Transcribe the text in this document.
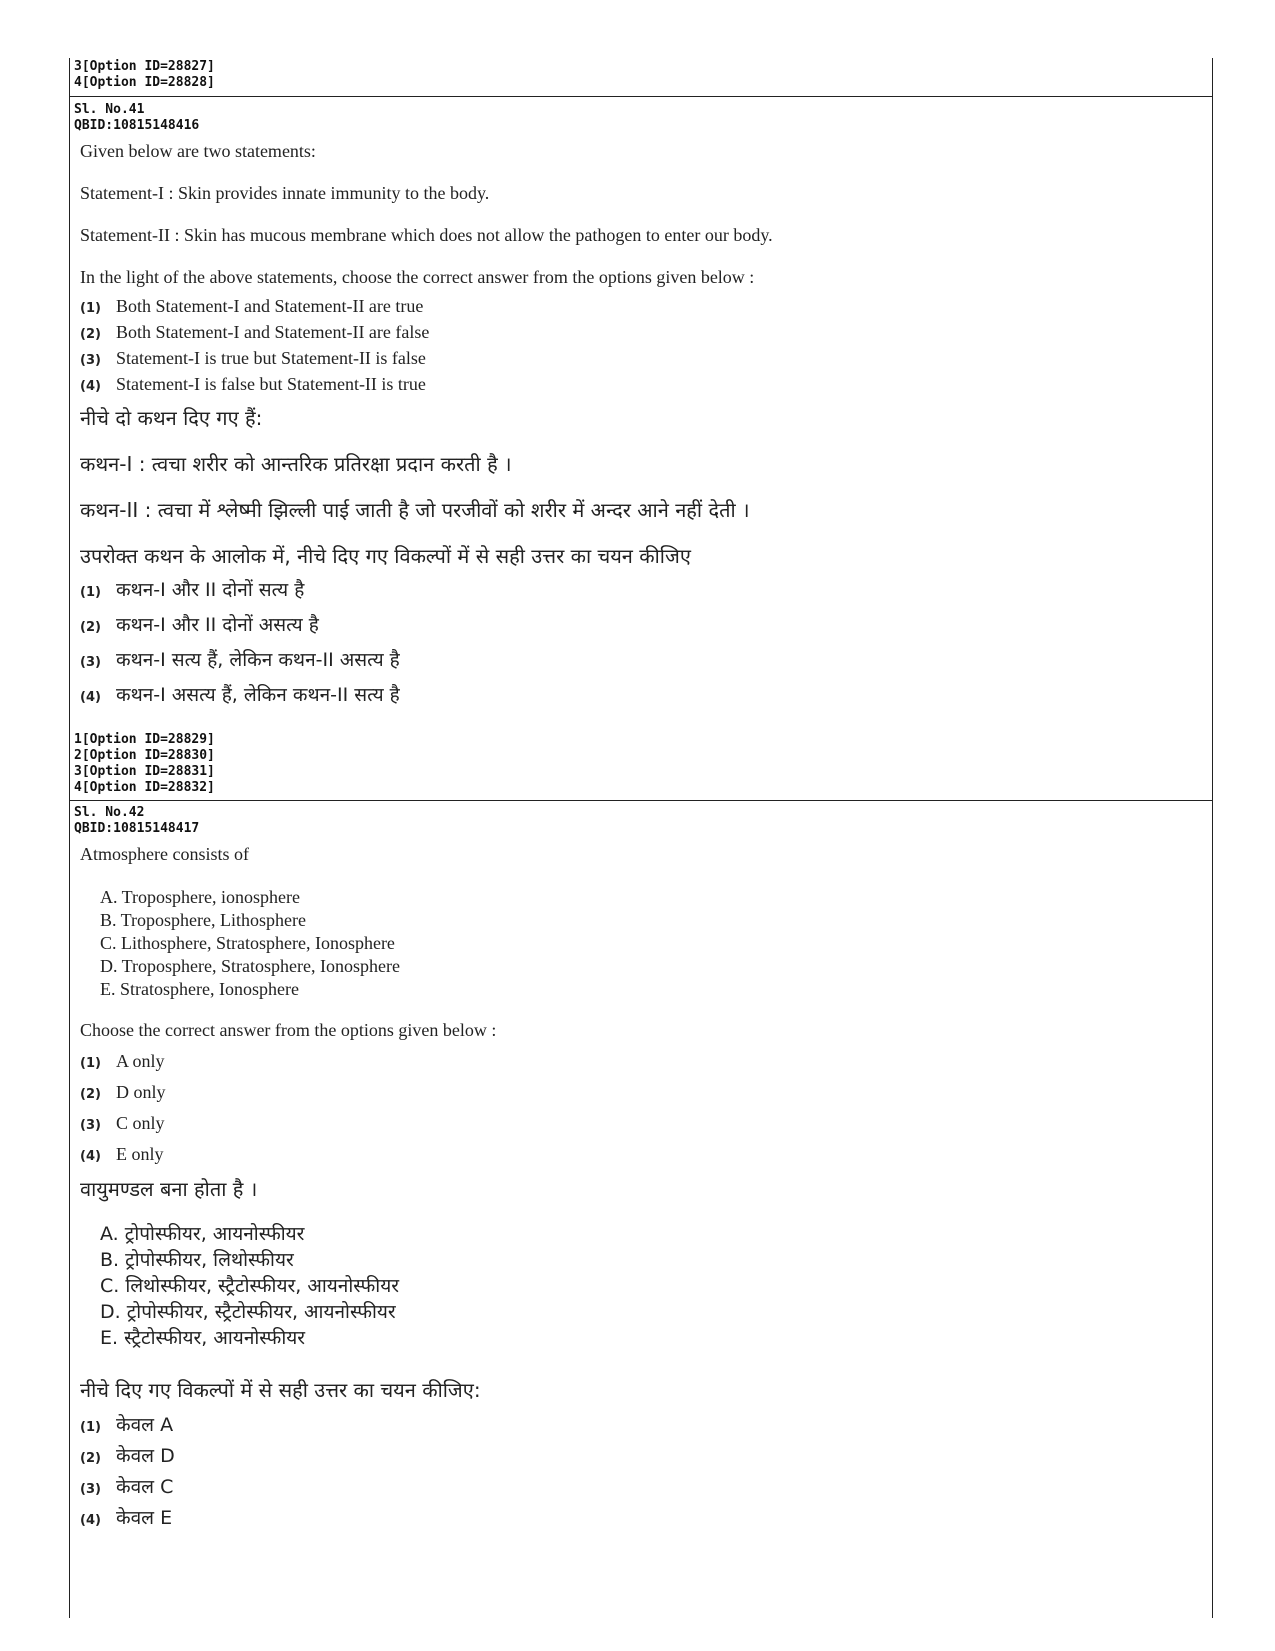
3[Option ID=28827]
4[Option ID=28828]
Sl. No.41
QBID:10815148416
Given below are two statements:
Statement-I : Skin provides innate immunity to the body.
Statement-II : Skin has mucous membrane which does not allow the pathogen to enter our body.
In the light of the above statements, choose the correct answer from the options given below :
(1) Both Statement-I and Statement-II are true
(2) Both Statement-I and Statement-II are false
(3) Statement-I is true but Statement-II is false
(4) Statement-I is false but Statement-II is true
नीचे दो कथन दिए गए हैं:
कथन-I : त्वचा शरीर को आन्तरिक प्रतिरक्षा प्रदान करती है ।
कथन-II : त्वचा में श्लेष्मी झिल्ली पाई जाती है जो परजीवों को शरीर में अन्दर आने नहीं देती ।
उपरोक्त कथन के आलोक में, नीचे दिए गए विकल्पों में से सही उत्तर का चयन कीजिए
(1) कथन-I और II दोनों सत्य है
(2) कथन-I और II दोनों असत्य है
(3) कथन-I सत्य हैं, लेकिन कथन-II असत्य है
(4) कथन-I असत्य हैं, लेकिन कथन-II सत्य है
1[Option ID=28829]
2[Option ID=28830]
3[Option ID=28831]
4[Option ID=28832]
Sl. No.42
QBID:10815148417
Atmosphere consists of
A. Troposphere, ionosphere
B. Troposphere, Lithosphere
C. Lithosphere, Stratosphere, Ionosphere
D. Troposphere, Stratosphere, Ionosphere
E. Stratosphere, Ionosphere
Choose the correct answer from the options given below :
(1) A only
(2) D only
(3) C only
(4) E only
वायुमण्डल बना होता है ।
A. ट्रोपोस्फीयर, आयनोस्फीयर
B. ट्रोपोस्फीयर, लिथोस्फीयर
C. लिथोस्फीयर, स्ट्रैटोस्फीयर, आयनोस्फीयर
D. ट्रोपोस्फीयर, स्ट्रैटोस्फीयर, आयनोस्फीयर
E. स्ट्रैटोस्फीयर, आयनोस्फीयर
नीचे दिए गए विकल्पों में से सही उत्तर का चयन कीजिए:
(1) केवल A
(2) केवल D
(3) केवल C
(4) केवल E
